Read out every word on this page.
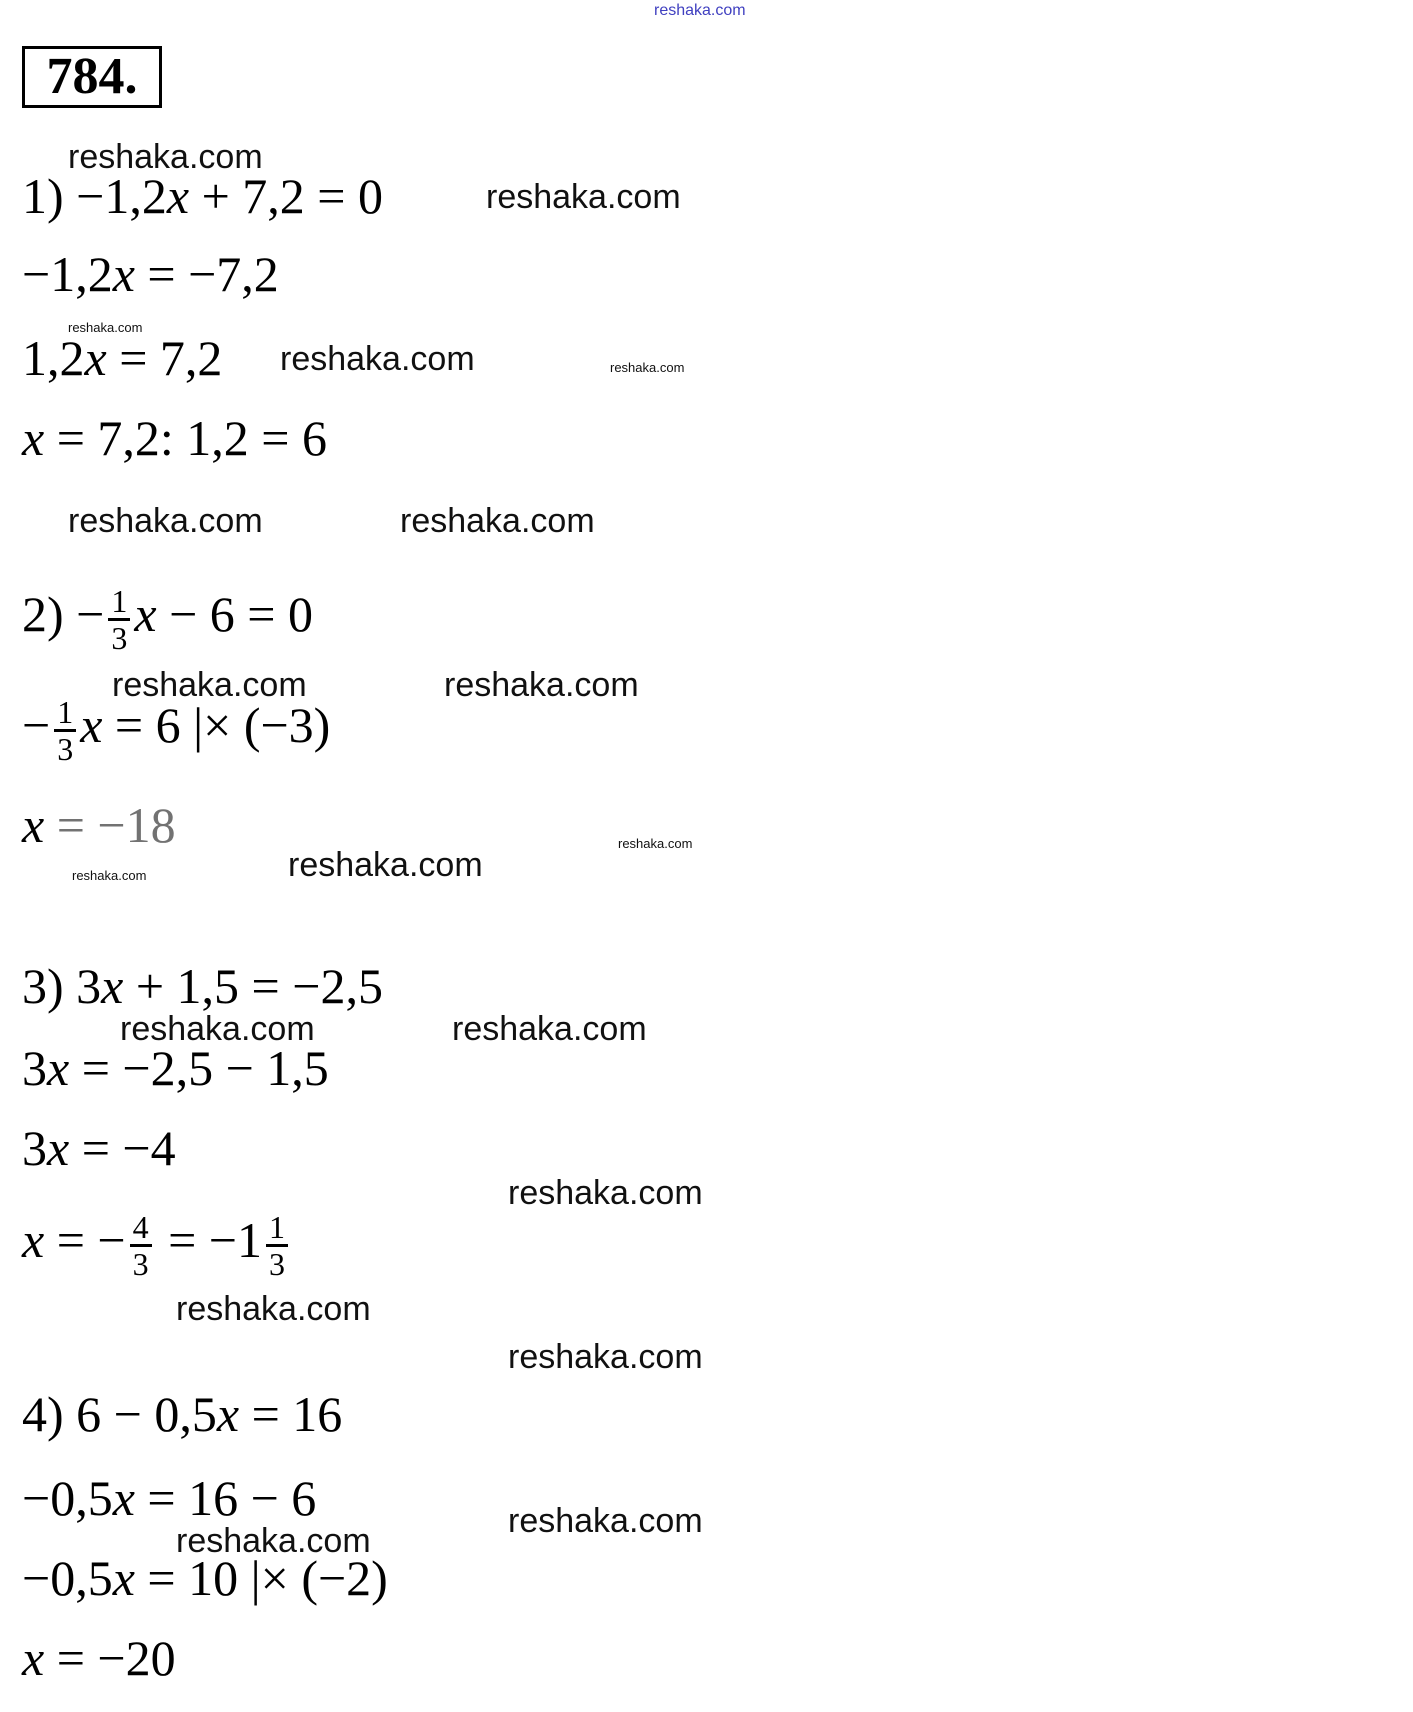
reshaka.com
784.
1) −1,2x + 7,2 = 0
−1,2x = −7,2
1,2x = 7,2
x = 7,2: 1,2 = 6
$2) - \frac{1}{3}$ x − 6 = 0
− $\frac{1}{3}$ x = 6 |× (−3)
x = −18
3) 3x + 1,5 = −2,5
3x = −2,5 − 1,5
3x = −4
x = − $\frac{4}{3} = -1 \frac{1}{3}$
4) 6 − 0,5x = 16
−0,5x = 16 − 6
−0,5x = 10 |× (−2)
x = −20
reshaka.com
reshaka.com
reshaka.com
reshaka.com	reshaka.com
reshaka.com	reshaka.com
reshaka.com	reshaka.com
reshaka.com
reshaka.com	reshaka.com
reshaka.com	reshaka.com
reshaka.com
reshaka.com
reshaka.com
reshaka.com
reshaka.com
